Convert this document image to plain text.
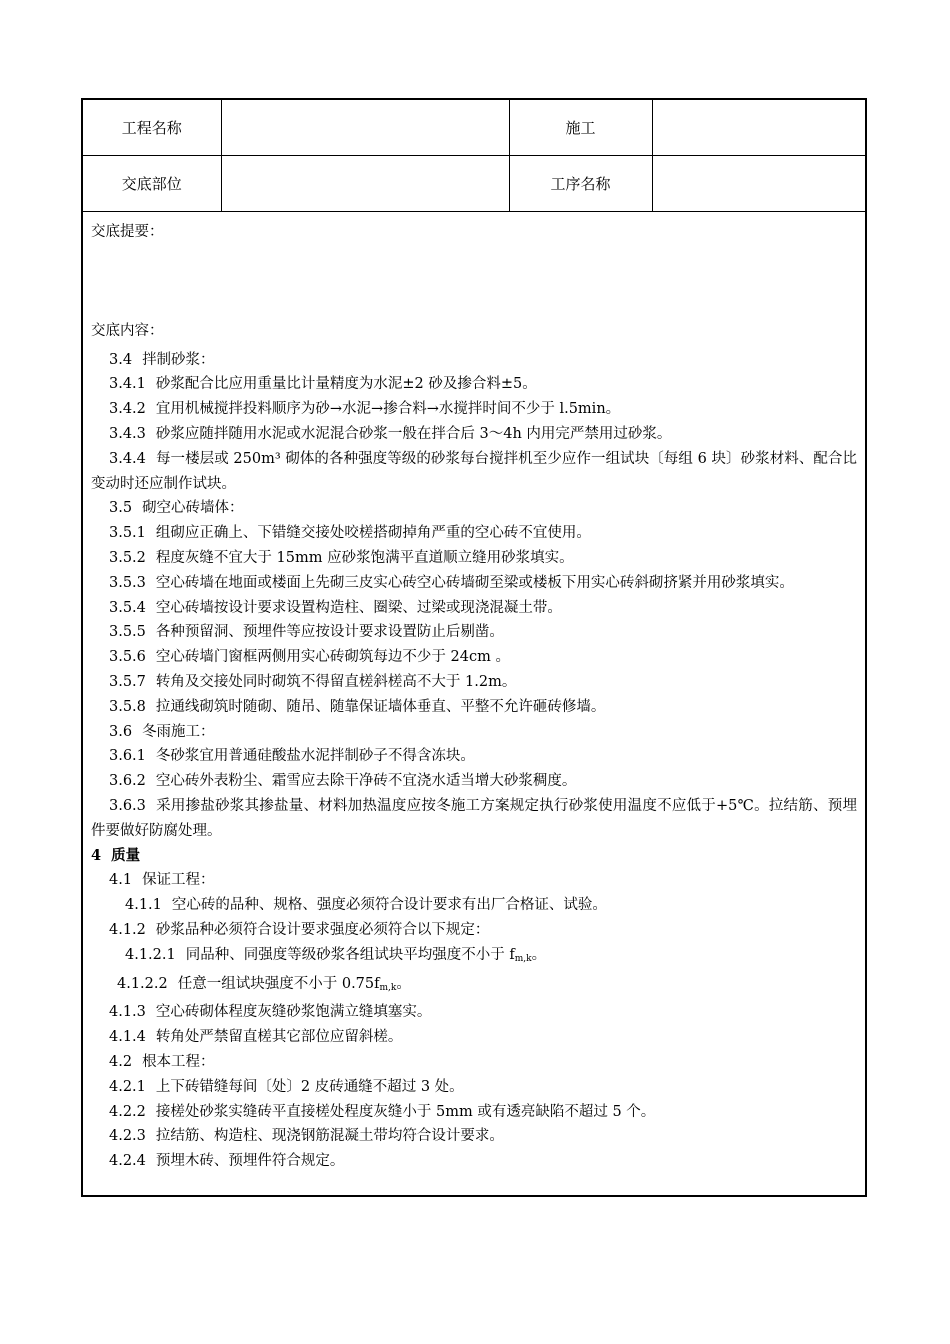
工程名称		施工	
交底部位		工序名称	

交底提要：

交底内容：

3.4 拌制砂浆：

3.4.1 砂浆配合比应用重量比计量精度为水泥±2 砂及掺合料±5。

3.4.2 宜用机械搅拌投料顺序为砂→水泥→掺合料→水搅拌时间不少于 l.5min。

3.4.3 砂浆应随拌随用水泥或水泥混合砂浆一般在拌合后 3～4h 内用完严禁用过砂浆。

3.4.4 每一楼层或 250m³ 砌体的各种强度等级的砂浆每台搅拌机至少应作一组试块〔每组 6 块〕砂浆材料、配合比变动时还应制作试块。

3.5 砌空心砖墙体：

3.5.1 组砌应正确上、下错缝交接处咬槎搭砌掉角严重的空心砖不宜使用。

3.5.2 程度灰缝不宜大于 15mm 应砂浆饱满平直道顺立缝用砂浆填实。

3.5.3 空心砖墙在地面或楼面上先砌三皮实心砖空心砖墙砌至梁或楼板下用实心砖斜砌挤紧并用砂浆填实。

3.5.4 空心砖墙按设计要求设置构造柱、圈梁、过梁或现浇混凝土带。

3.5.5 各种预留洞、预埋件等应按设计要求设置防止后剔凿。

3.5.6 空心砖墙门窗框两侧用实心砖砌筑每边不少于 24cm 。

3.5.7 转角及交接处同时砌筑不得留直槎斜槎高不大于 1.2m。

3.5.8 拉通线砌筑时随砌、随吊、随靠保证墙体垂直、平整不允许砸砖修墙。

3.6 冬雨施工：

3.6.1 冬砂浆宜用普通硅酸盐水泥拌制砂子不得含冻块。

3.6.2 空心砖外表粉尘、霜雪应去除干净砖不宜浇水适当增大砂浆稠度。

3.6.3 采用掺盐砂浆其掺盐量、材料加热温度应按冬施工方案规定执行砂浆使用温度不应低于+5℃。拉结筋、预埋件要做好防腐处理。

4 质量

4.1 保证工程：

4.1.1 空心砖的品种、规格、强度必须符合设计要求有出厂合格证、试验。

4.1.2 砂浆品种必须符合设计要求强度必须符合以下规定：

4.1.2.1 同品种、同强度等级砂浆各组试块平均强度不小于 $f_{m,k}$。

4.1.2.2 任意一组试块强度不小于 $0.75f_{m,k}$。

4.1.3 空心砖砌体程度灰缝砂浆饱满立缝填塞实。

4.1.4 转角处严禁留直槎其它部位应留斜槎。

4.2 根本工程：

4.2.1 上下砖错缝每间〔处〕2 皮砖通缝不超过 3 处。

4.2.2 接槎处砂浆实缝砖平直接槎处程度灰缝小于 5mm 或有透亮缺陷不超过 5 个。

4.2.3 拉结筋、构造柱、现浇钢筋混凝土带均符合设计要求。

4.2.4 预埋木砖、预埋件符合规定。
